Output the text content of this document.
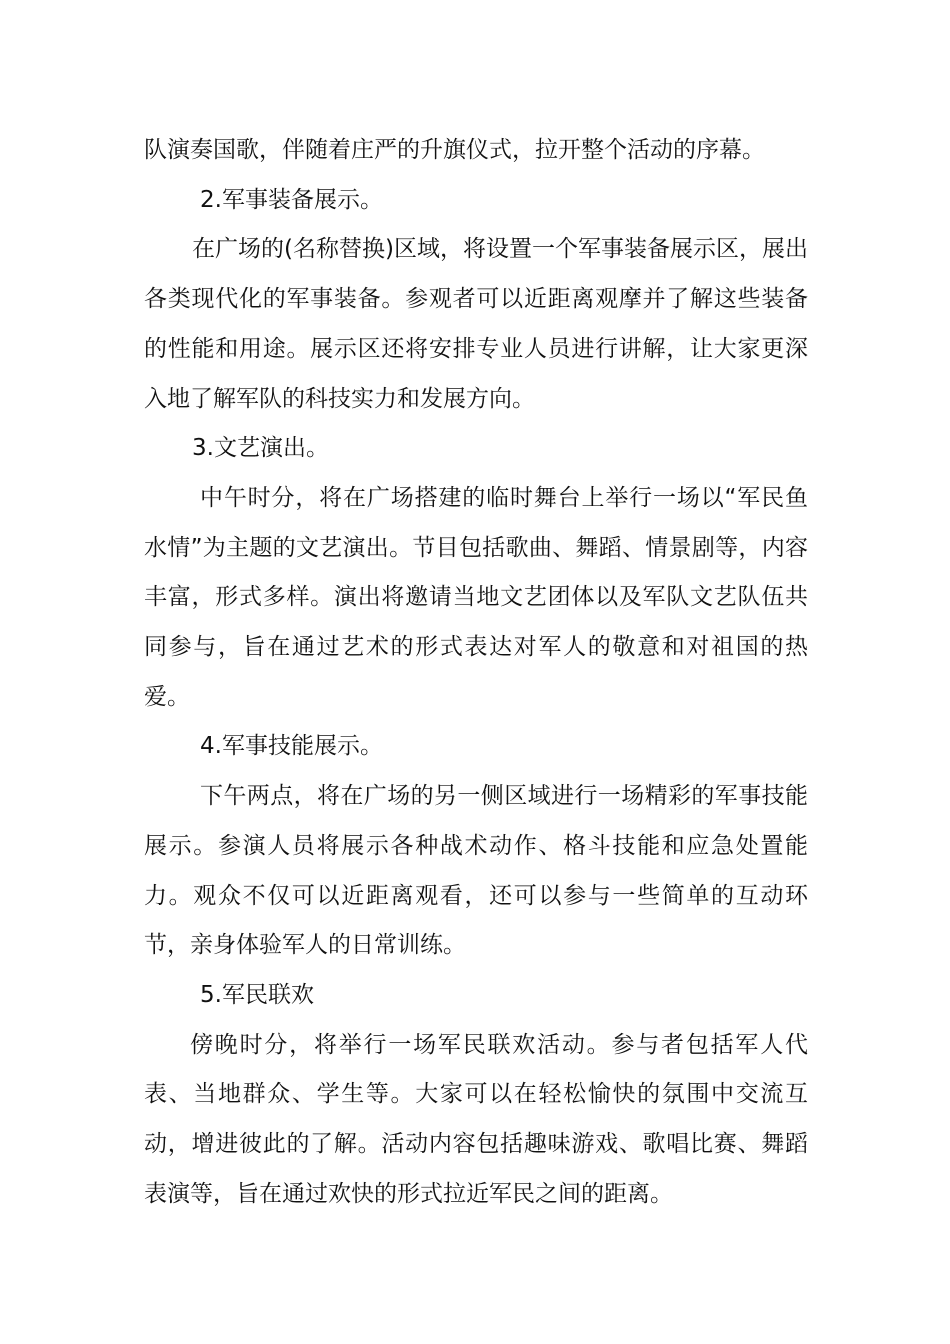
队演奏国歌，伴随着庄严的升旗仪式，拉开整个活动的序幕。

2.军事装备展示。

在广场的(名称替换)区域，将设置一个军事装备展示区，展出各类现代化的军事装备。参观者可以近距离观摩并了解这些装备的性能和用途。展示区还将安排专业人员进行讲解，让大家更深入地了解军队的科技实力和发展方向。

3.文艺演出。

中午时分，将在广场搭建的临时舞台上举行一场以“军民鱼水情”为主题的文艺演出。节目包括歌曲、舞蹈、情景剧等，内容丰富，形式多样。演出将邀请当地文艺团体以及军队文艺队伍共同参与，旨在通过艺术的形式表达对军人的敬意和对祖国的热爱。

4.军事技能展示。

下午两点，将在广场的另一侧区域进行一场精彩的军事技能展示。参演人员将展示各种战术动作、格斗技能和应急处置能力。观众不仅可以近距离观看，还可以参与一些简单的互动环节，亲身体验军人的日常训练。

5.军民联欢

傍晚时分，将举行一场军民联欢活动。参与者包括军人代表、当地群众、学生等。大家可以在轻松愉快的氛围中交流互动，增进彼此的了解。活动内容包括趣味游戏、歌唱比赛、舞蹈表演等，旨在通过欢快的形式拉近军民之间的距离。
